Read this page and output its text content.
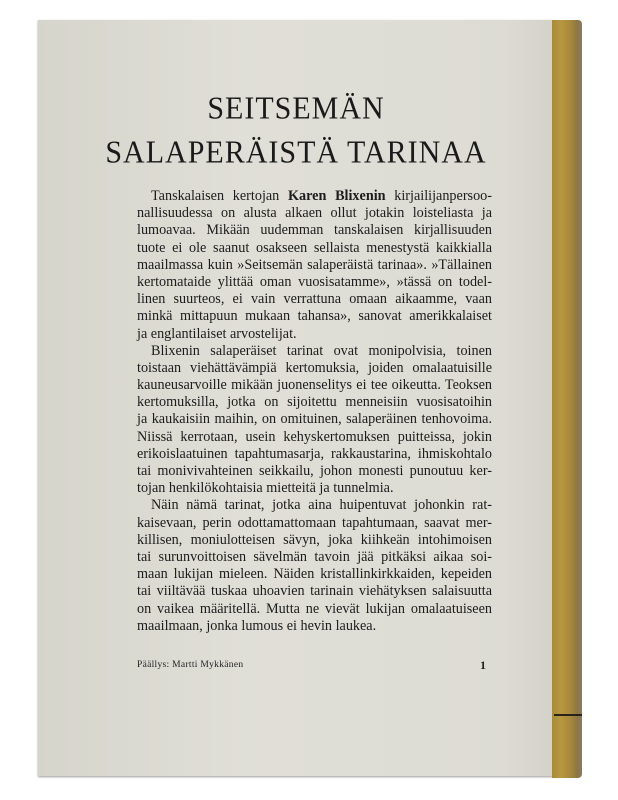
SEITSEMÄN
SALAPERÄISTÄ TARINAA
Tanskalaisen kertojan Karen Blixenin kirjailijanpersoo-
nallisuudessa on alusta alkaen ollut jotakin loisteliasta ja
lumoavaa. Mikään uudemman tanskalaisen kirjallisuuden
tuote ei ole saanut osakseen sellaista menestystä kaikkialla
maailmassa kuin »Seitsemän salaperäistä tarinaa». »Tällainen
kertomataide ylittää oman vuosisatamme», »tässä on todel-
linen suurteos, ei vain verrattuna omaan aikaamme, vaan
minkä mittapuun mukaan tahansa», sanovat amerikkalaiset
ja englantilaiset arvostelijat.
Blixenin salaperäiset tarinat ovat monipolvisia, toinen
toistaan viehättävämpiä kertomuksia, joiden omalaatuisille
kauneusarvoille mikään juonenselitys ei tee oikeutta. Teoksen
kertomuksilla, jotka on sijoitettu menneisiin vuosisatoihin
ja kaukaisiin maihin, on omituinen, salaperäinen tenhovoima.
Niissä kerrotaan, usein kehyskertomuksen puitteissa, jokin
erikoislaatuinen tapahtumasarja, rakkaustarina, ihmiskohtalo
tai monivivahteinen seikkailu, johon monesti punoutuu ker-
tojan henkilökohtaisia mietteitä ja tunnelmia.
Näin nämä tarinat, jotka aina huipentuvat johonkin rat-
kaisevaan, perin odottamattomaan tapahtumaan, saavat mer-
killisen, moniulotteisen sävyn, joka kiihkeän intohimoisen
tai surunvoittoisen sävelmän tavoin jää pitkäksi aikaa soi-
maan lukijan mieleen. Näiden kristallinkirkkaiden, kepeiden
tai viiltävää tuskaa uhoavien tarinain viehätyksen salaisuutta
on vaikea määritellä. Mutta ne vievät lukijan omalaatuiseen
maailmaan, jonka lumous ei hevin laukea.
Päällys: Martti Mykkänen	1
